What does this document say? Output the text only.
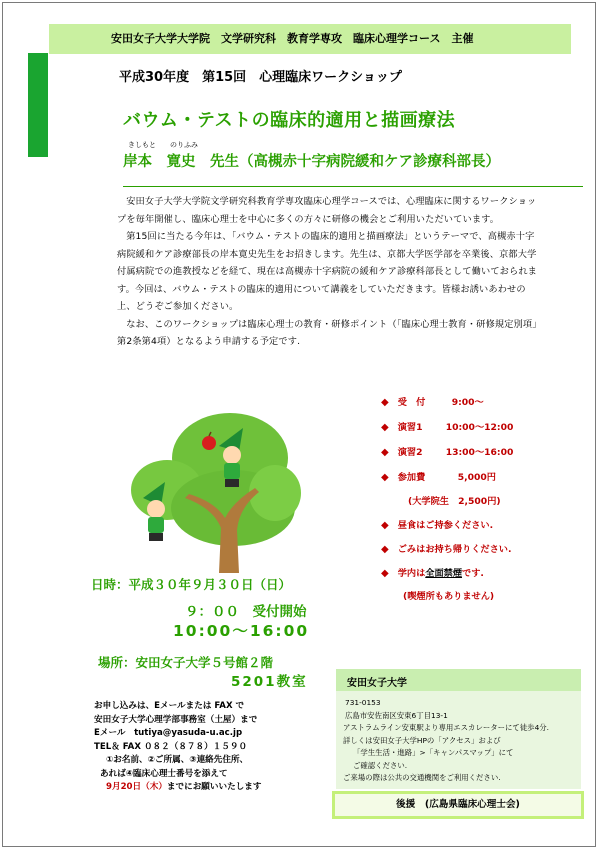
安田女子大学大学院　文学研究科　教育学専攻　臨床心理学コース　主催
平成30年度　第15回　心理臨床ワークショップ
バウム・テストの臨床的適用と描画療法
きしもと のりふみ
岸本　寛史　先生（高槻赤十字病院緩和ケア診療科部長）

安田女子大学大学院文学研究科教育学専攻臨床心理学コースでは、心理臨床に関するワークショップを毎年開催し、臨床心理士を中心に多くの方々に研修の機会とご利用いただいています。

第15回に当たる今年は、「バウム・テストの臨床的適用と描画療法」というテーマで、高槻赤十字病院緩和ケア診療部長の岸本寛史先生をお招きします。先生は、京都大学医学部を卒業後、京都大学付属病院での進教授などを経て、現在は高槻赤十字病院の緩和ケア診療科部長として働いておられます。今回は、バウム・テストの臨床的適用について講義をしていただきます。皆様お誘いあわせの上、どうぞご参加ください。

なお、このワークショップは臨床心理士の教育・研修ポイント（「臨床心理士教育・研修規定別項」第2条第4項）となるよう申請する予定です.

◆ 受　付	9:00〜
◆ 演習1	10:00〜12:00
◆ 演習2	13:00〜16:00
◆ 参加費	5,000円
(大学院生　2,500円)
◆ 昼食はご持参ください.
◆ ごみはお持ち帰りください.
◆ 学内は全面禁煙です.
(喫煙所もありません)
日時：平成３０年９月３０日（日）
９：００　受付開始
10:00〜16:00
場所：安田女子大学５号館２階
5201教室
お申し込みは、Eメールまたは FAX で
安田女子大学心理学部事務室（土屋）まで
Eメール　tutiya@yasuda-u.ac.jp
TEL＆ FAX ０８２（８７８）１５９０
①お名前、②ご所属、③連絡先住所、
あれば④臨床心理士番号を添えて
9月20日（木）までにお願いいたします
安田女子大学
731-0153
広島市安佐南区安東6丁目13-1
アストラムライン安東駅より専用エスカレーターにて徒歩4分.
詳しくは安田女子大学HPの「アクセス」および
「学生生活・進路」>「キャンパスマップ」にて
ご確認ください.
ご来場の際は公共の交通機関をご利用ください.
後援　(広島県臨床心理士会)
